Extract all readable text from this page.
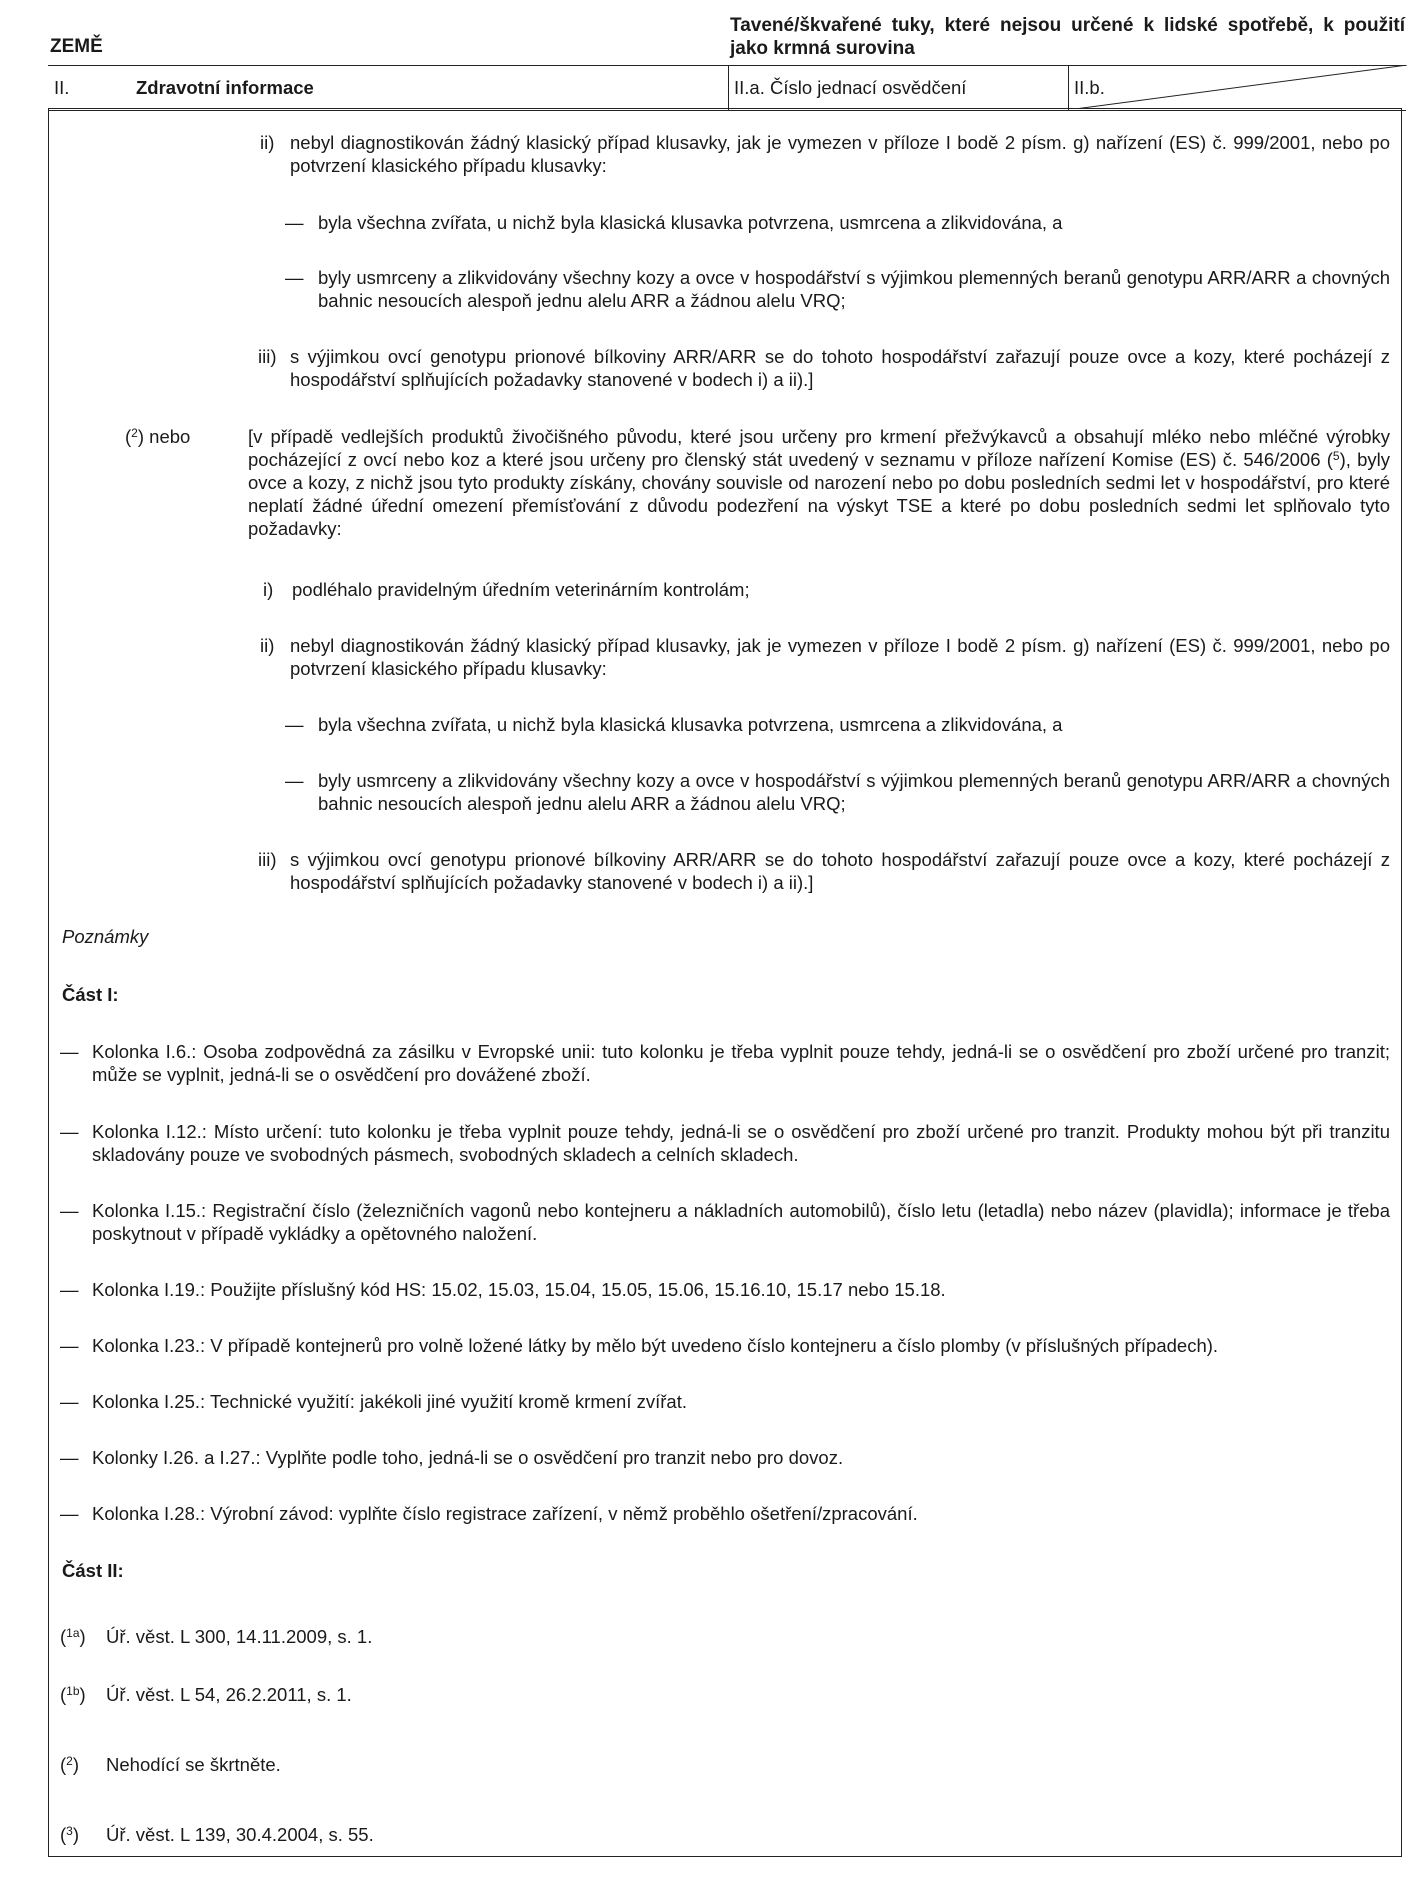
ZEMĚ
Tavené/škvařené tuky, které nejsou určené k lidské spotřebě, k použití jako krmná surovina
II.	Zdravotní informace	II.a. Číslo jednací osvědčení	II.b.
ii) nebyl diagnostikován žádný klasický případ klusavky, jak je vymezen v příloze I bodě 2 písm. g) nařízení (ES) č. 999/2001, nebo po potvrzení klasického případu klusavky:
— byla všechna zvířata, u nichž byla klasická klusavka potvrzena, usmrcena a zlikvidována, a
— byly usmrceny a zlikvidovány všechny kozy a ovce v hospodářství s výjimkou plemenných beranů genotypu ARR/ARR a chovných bahnic nesoucích alespoň jednu alelu ARR a žádnou alelu VRQ;
iii) s výjimkou ovcí genotypu prionové bílkoviny ARR/ARR se do tohoto hospodářství zařazují pouze ovce a kozy, které pocházejí z hospodářství splňujících požadavky stanovené v bodech i) a ii).]
($^2$) nebo	[v případě vedlejších produktů živočišného původu, které jsou určeny pro krmení přežvýkavců a obsahují mléko nebo mléčné výrobky pocházející z ovcí nebo koz a které jsou určeny pro členský stát uvedený v seznamu v příloze nařízení Komise (ES) č. 546/2006 ($^5$), byly ovce a kozy, z nichž jsou tyto produkty získány, chovány souvisle od narození nebo po dobu posledních sedmi let v hospodářství, pro které neplatí žádné úřední omezení přemísťování z důvodu podezření na výskyt TSE a které po dobu posledních sedmi let splňovalo tyto požadavky:
i) podléhalo pravidelným úředním veterinárním kontrolám;
ii) nebyl diagnostikován žádný klasický případ klusavky, jak je vymezen v příloze I bodě 2 písm. g) nařízení (ES) č. 999/2001, nebo po potvrzení klasického případu klusavky:
— byla všechna zvířata, u nichž byla klasická klusavka potvrzena, usmrcena a zlikvidována, a
— byly usmrceny a zlikvidovány všechny kozy a ovce v hospodářství s výjimkou plemenných beranů genotypu ARR/ARR a chovných bahnic nesoucích alespoň jednu alelu ARR a žádnou alelu VRQ;
iii) s výjimkou ovcí genotypu prionové bílkoviny ARR/ARR se do tohoto hospodářství zařazují pouze ovce a kozy, které pocházejí z hospodářství splňujících požadavky stanovené v bodech i) a ii).]
Poznámky
Část I:
— Kolonka I.6.: Osoba zodpovědná za zásilku v Evropské unii: tuto kolonku je třeba vyplnit pouze tehdy, jedná-li se o osvědčení pro zboží určené pro tranzit; může se vyplnit, jedná-li se o osvědčení pro dovážené zboží.
— Kolonka I.12.: Místo určení: tuto kolonku je třeba vyplnit pouze tehdy, jedná-li se o osvědčení pro zboží určené pro tranzit. Produkty mohou být při tranzitu skladovány pouze ve svobodných pásmech, svobodných skladech a celních skladech.
— Kolonka I.15.: Registrační číslo (železničních vagonů nebo kontejneru a nákladních automobilů), číslo letu (letadla) nebo název (plavidla); informace je třeba poskytnout v případě vykládky a opětovného naložení.
— Kolonka I.19.: Použijte příslušný kód HS: 15.02, 15.03, 15.04, 15.05, 15.06, 15.16.10, 15.17 nebo 15.18.
— Kolonka I.23.: V případě kontejnerů pro volně ložené látky by mělo být uvedeno číslo kontejneru a číslo plomby (v příslušných případech).
— Kolonka I.25.: Technické využití: jakékoli jiné využití kromě krmení zvířat.
— Kolonky I.26. a I.27.: Vyplňte podle toho, jedná-li se o osvědčení pro tranzit nebo pro dovoz.
— Kolonka I.28.: Výrobní závod: vyplňte číslo registrace zařízení, v němž proběhlo ošetření/zpracování.
Část II:
($^{1a}$) Úř. věst. L 300, 14.11.2009, s. 1.
($^{1b}$) Úř. věst. L 54, 26.2.2011, s. 1.
($^2$) Nehodící se škrtněte.
($^3$) Úř. věst. L 139, 30.4.2004, s. 55.
